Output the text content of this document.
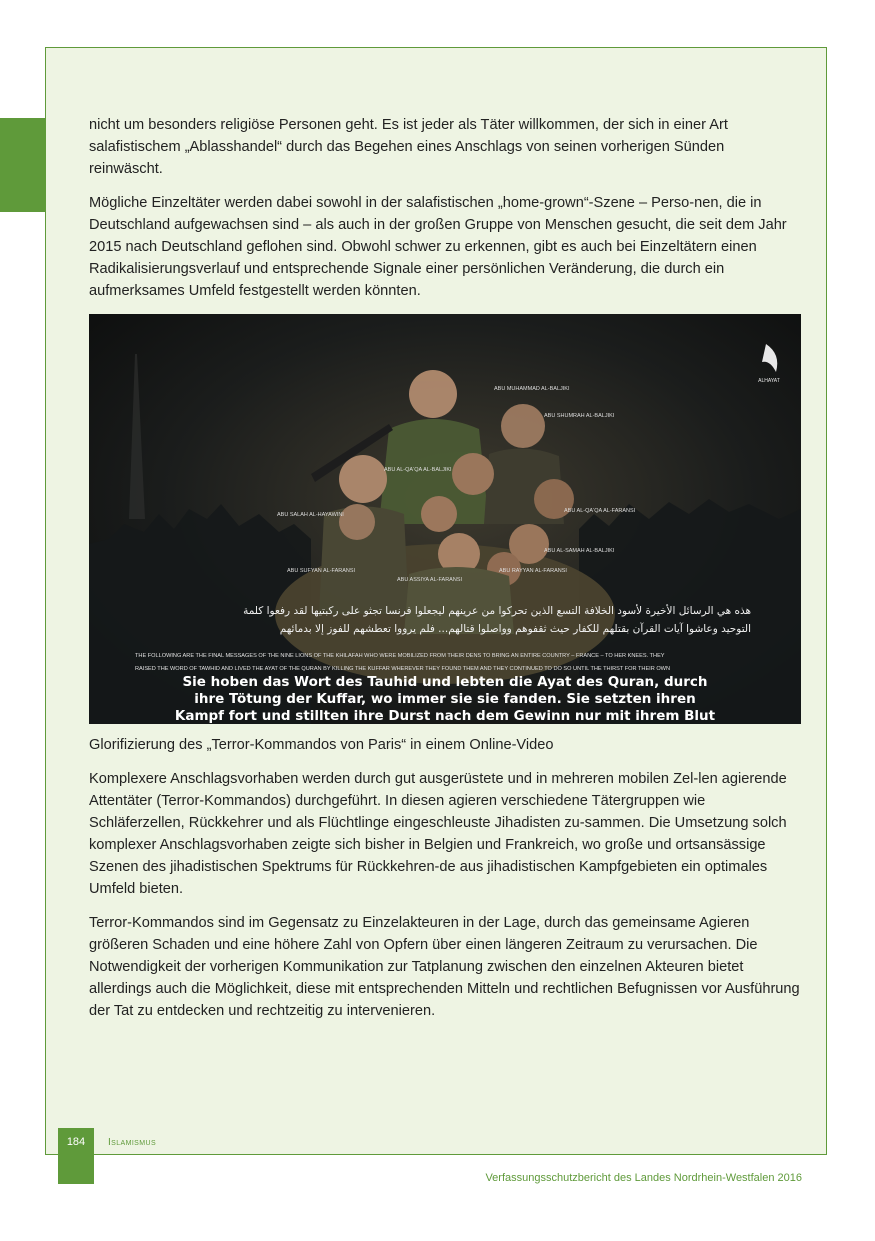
nicht um besonders religiöse Personen geht. Es ist jeder als Täter willkommen, der sich in einer Art salafistischem „Ablasshandel“ durch das Begehen eines Anschlags von seinen vorherigen Sünden reinwäscht.

Mögliche Einzeltäter werden dabei sowohl in der salafistischen „home-grown“-Szene – Perso-nen, die in Deutschland aufgewachsen sind – als auch in der großen Gruppe von Menschen gesucht, die seit dem Jahr 2015 nach Deutschland geflohen sind. Obwohl schwer zu erkennen, gibt es auch bei Einzeltätern einen Radikalisierungsverlauf und entsprechende Signale einer persönlichen Veränderung, die durch ein aufmerksames Umfeld festgestellt werden könnten.

ALHAYAT
ABU MUHAMMAD AL-BALJIKI
ABU SHUMRAH AL-BALJIKI
ABU AL-QA‘QA AL-BALJIKI
ABU SALAH AL-HAYAWINI
ABU AL-QA‘QA AL-FARANSI
ABU AL-SAMAH AL-BALJIKI
ABU SUFYAN AL-FARANSI	ABU RAYYAN AL-FARANSI
ABU ASSIYA AL-FARANSI
هذه هي الرسائل الأخيرة لأسود الخلافة التسع الذين تحركوا من عرينهم ليجعلوا فرنسا تجثو على ركبتيها لقد رفعوا كلمة
التوحيد وعاشوا آيات القرآن بقتلهم للكفار حيث ثقفوهم وواصلوا قتالهم... فلم يرووا تعطشهم للفوز إلا بدمائهم
THE FOLLOWING ARE THE FINAL MESSAGES OF THE NINE LIONS OF THE KHILAFAH WHO WERE MOBILIZED FROM THEIR DENS TO BRING AN ENTIRE COUNTRY – FRANCE – TO HER KNEES. THEY
RAISED THE WORD OF TAWHID AND LIVED THE AYAT OF THE QURAN BY KILLING THE KUFFAR WHEREVER THEY FOUND THEM AND THEY CONTINUED TO DO SO UNTIL THE THIRST FOR THEIR OWN
Sie hoben das Wort des Tauhid und lebten die Ayat des Quran, durch
ihre Tötung der Kuffar, wo immer sie sie fanden. Sie setzten ihren
Kampf fort und stillten ihre Durst nach dem Gewinn nur mit ihrem Blut

Glorifizierung des „Terror-Kommandos von Paris“ in einem Online-Video

Komplexere Anschlagsvorhaben werden durch gut ausgerüstete und in mehreren mobilen Zel-len agierende Attentäter (Terror-Kommandos) durchgeführt. In diesen agieren verschiedene Tätergruppen wie Schläferzellen, Rückkehrer und als Flüchtlinge eingeschleuste Jihadisten zu-sammen. Die Umsetzung solch komplexer Anschlagsvorhaben zeigte sich bisher in Belgien und Frankreich, wo große und ortsansässige Szenen des jihadistischen Spektrums für Rückkehren-de aus jihadistischen Kampfgebieten ein optimales Umfeld bieten.

Terror-Kommandos sind im Gegensatz zu Einzelakteuren in der Lage, durch das gemeinsame Agieren größeren Schaden und eine höhere Zahl von Opfern über einen längeren Zeitraum zu verursachen. Die Notwendigkeit der vorherigen Kommunikation zur Tatplanung zwischen den einzelnen Akteuren bietet allerdings auch die Möglichkeit, diese mit entsprechenden Mitteln und rechtlichen Befugnissen vor Ausführung der Tat zu entdecken und rechtzeitig zu intervenieren.

184	Islamismus
Verfassungsschutzbericht des Landes Nordrhein-Westfalen 2016
